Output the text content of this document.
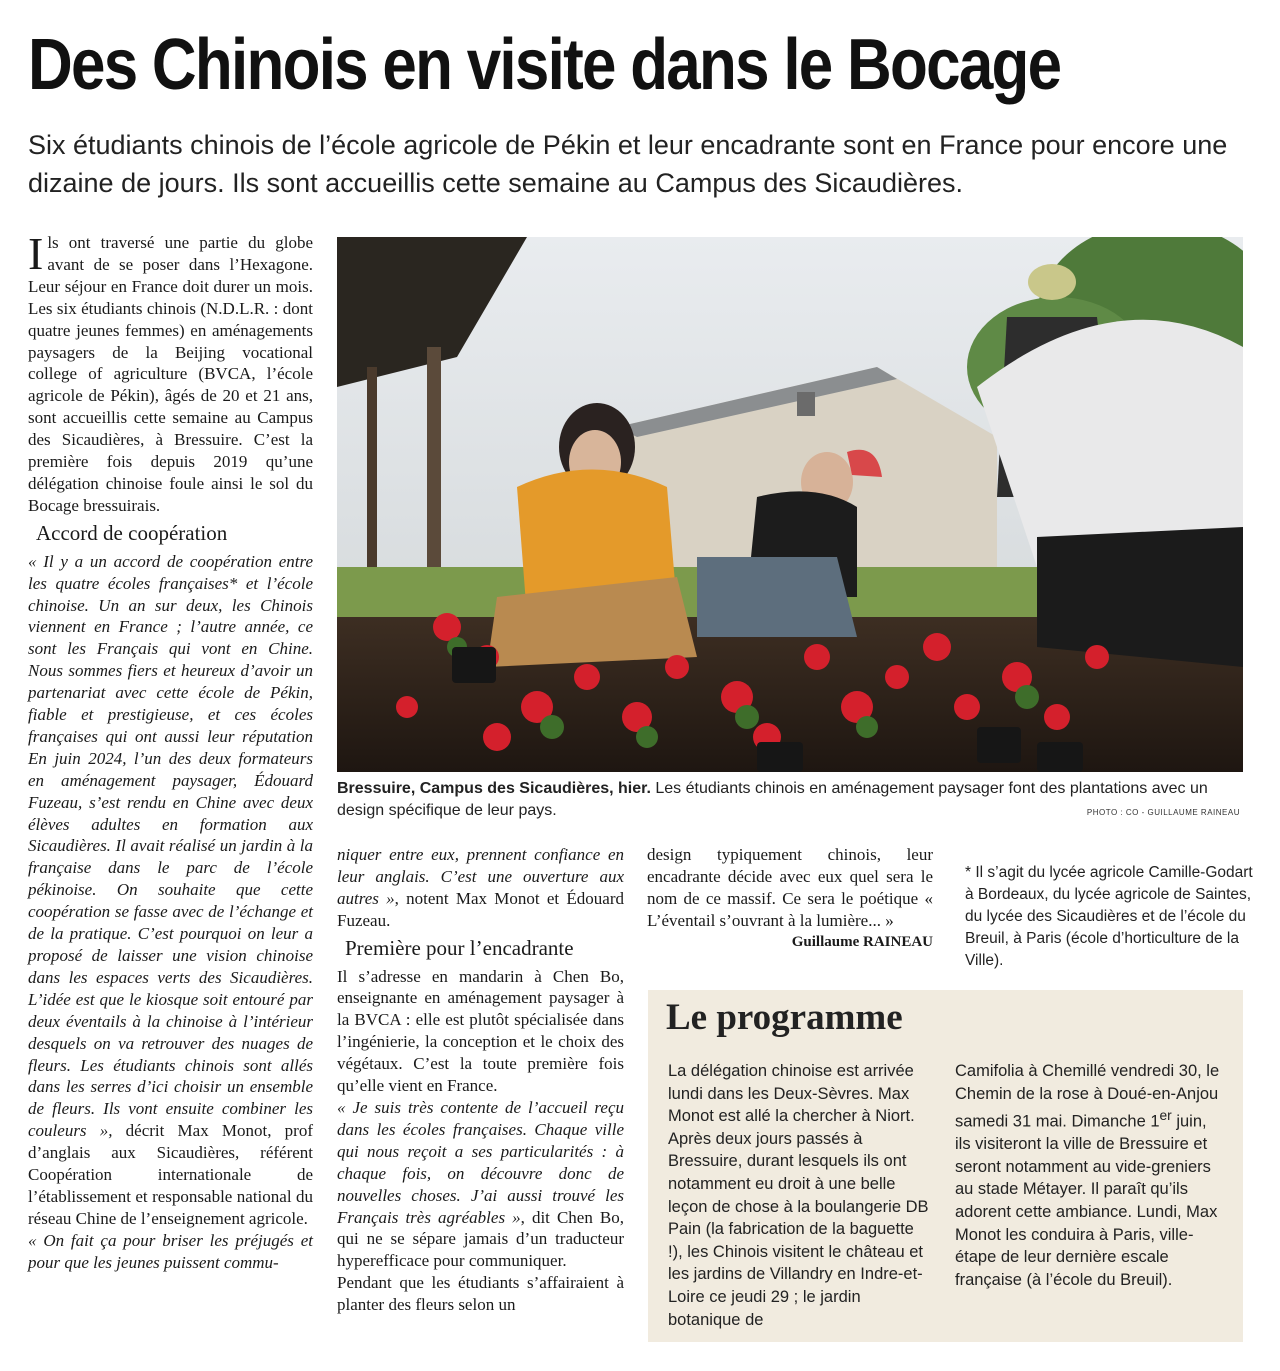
Des Chinois en visite dans le Bocage

Six étudiants chinois de l’école agricole de Pékin et leur encadrante sont en France pour encore une dizaine de jours. Ils sont accueillis cette semaine au Campus des Sicaudières.

Ils ont traversé une partie du globe avant de se poser dans l’Hexagone. Leur séjour en France doit durer un mois. Les six étudiants chinois (N.D.L.R. : dont quatre jeunes femmes) en aménagements paysagers de la Beijing vocational college of agriculture (BVCA, l’école agricole de Pékin), âgés de 20 et 21 ans, sont accueillis cette semaine au Campus des Sicaudières, à Bressuire. C’est la première fois depuis 2019 qu’une délégation chinoise foule ainsi le sol du Bocage bressuirais.

Accord de coopération

« Il y a un accord de coopération entre les quatre écoles françaises* et l’école chinoise. Un an sur deux, les Chinois viennent en France ; l’autre année, ce sont les Français qui vont en Chine. Nous sommes fiers et heureux d’avoir un partenariat avec cette école de Pékin, fiable et prestigieuse, et ces écoles françaises qui ont aussi leur réputation En juin 2024, l’un des deux formateurs en aménagement paysager, Édouard Fuzeau, s’est rendu en Chine avec deux élèves adultes en formation aux Sicaudières. Il avait réalisé un jardin à la française dans le parc de l’école pékinoise. On souhaite que cette coopération se fasse avec de l’échange et de la pratique. C’est pourquoi on leur a proposé de laisser une vision chinoise dans les espaces verts des Sicaudières. L’idée est que le kiosque soit entouré par deux éventails à la chinoise à l’intérieur desquels on va retrouver des nuages de fleurs. Les étudiants chinois sont allés dans les serres d’ici choisir un ensemble de fleurs. Ils vont ensuite combiner les couleurs », décrit Max Monot, prof d’anglais aux Sicaudières, référent Coopération internationale de l’établissement et responsable national du réseau Chine de l’enseignement agricole.

« On fait ça pour briser les préjugés et pour que les jeunes puissent commu-

niquer entre eux, prennent confiance en leur anglais. C’est une ouverture aux autres », notent Max Monot et Édouard Fuzeau.

Première pour l’encadrante

Il s’adresse en mandarin à Chen Bo, enseignante en aménagement paysager à la BVCA : elle est plutôt spécialisée dans l’ingénierie, la conception et le choix des végétaux. C’est la toute première fois qu’elle vient en France.

« Je suis très contente de l’accueil reçu dans les écoles françaises. Chaque ville qui nous reçoit a ses particularités : à chaque fois, on découvre donc de nouvelles choses. J’ai aussi trouvé les Français très agréables », dit Chen Bo, qui ne se sépare jamais d’un traducteur hyperefficace pour communiquer.

Pendant que les étudiants s’affairaient à planter des fleurs selon un

design typiquement chinois, leur encadrante décide avec eux quel sera le nom de ce massif. Ce sera le poétique « L’éventail s’ouvrant à la lumière... »

Guillaume RAINEAU

* Il s’agit du lycée agricole Camille-Godart à Bordeaux, du lycée agricole de Saintes, du lycée des Sicaudières et de l’école du Breuil, à Paris (école d’horticulture de la Ville).

Bressuire, Campus des Sicaudières, hier. Les étudiants chinois en aménagement paysager font des plantations avec un design spécifique de leur pays.	PHOTO : CO - GUILLAUME RAINEAU
Le programme

La délégation chinoise est arrivée lundi dans les Deux-Sèvres. Max Monot est allé la chercher à Niort. Après deux jours passés à Bressuire, durant lesquels ils ont notamment eu droit à une belle leçon de chose à la boulangerie DB Pain (la fabrication de la baguette !), les Chinois visitent le château et les jardins de Villandry en Indre-et-Loire ce jeudi 29 ; le jardin botanique de

Camifolia à Chemillé vendredi 30, le Chemin de la rose à Doué-en-Anjou samedi 31 mai. Dimanche 1er juin, ils visiteront la ville de Bressuire et seront notamment au vide-greniers au stade Métayer. Il paraît qu’ils adorent cette ambiance. Lundi, Max Monot les conduira à Paris, ville-étape de leur dernière escale française (à l’école du Breuil).
